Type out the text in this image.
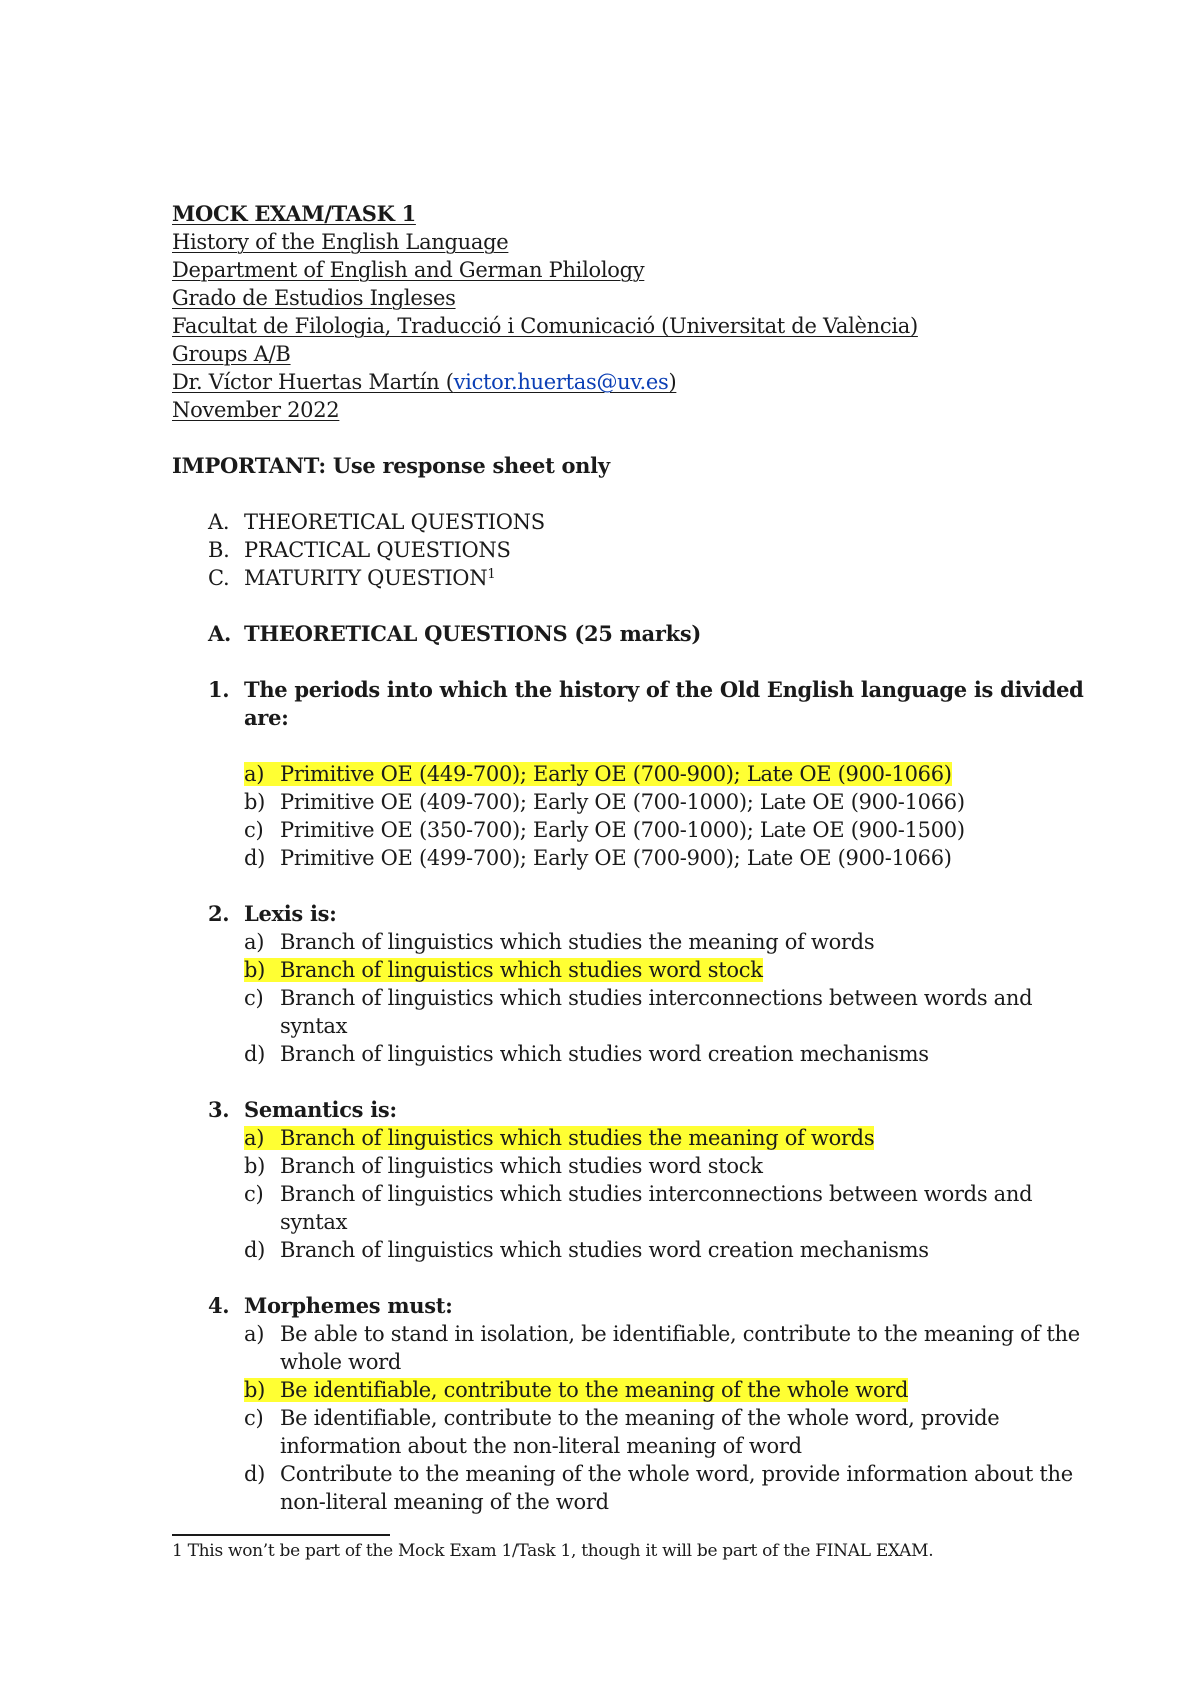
MOCK EXAM/TASK 1
History of the English Language
Department of English and German Philology
Grado de Estudios Ingleses
Facultat de Filologia, Traducció i Comunicació (Universitat de València)
Groups A/B
Dr. Víctor Huertas Martín (victor.huertas@uv.es)
November 2022
IMPORTANT: Use response sheet only
A. THEORETICAL QUESTIONS
B. PRACTICAL QUESTIONS
C. MATURITY QUESTION$^1$
A. THEORETICAL QUESTIONS (25 marks)
1. The periods into which the history of the Old English language is divided
are:
a) Primitive OE (449-700); Early OE (700-900); Late OE (900-1066)
b) Primitive OE (409-700); Early OE (700-1000); Late OE (900-1066)
c) Primitive OE (350-700); Early OE (700-1000); Late OE (900-1500)
d) Primitive OE (499-700); Early OE (700-900); Late OE (900-1066)
2. Lexis is:
a) Branch of linguistics which studies the meaning of words
b) Branch of linguistics which studies word stock
c) Branch of linguistics which studies interconnections between words and
syntax
d) Branch of linguistics which studies word creation mechanisms
3. Semantics is:
a) Branch of linguistics which studies the meaning of words
b) Branch of linguistics which studies word stock
c) Branch of linguistics which studies interconnections between words and
syntax
d) Branch of linguistics which studies word creation mechanisms
4. Morphemes must:
a) Be able to stand in isolation, be identifiable, contribute to the meaning of the
whole word
b) Be identifiable, contribute to the meaning of the whole word
c) Be identifiable, contribute to the meaning of the whole word, provide
information about the non-literal meaning of word
d) Contribute to the meaning of the whole word, provide information about the
non-literal meaning of the word
1 This won’t be part of the Mock Exam 1/Task 1, though it will be part of the FINAL EXAM.
